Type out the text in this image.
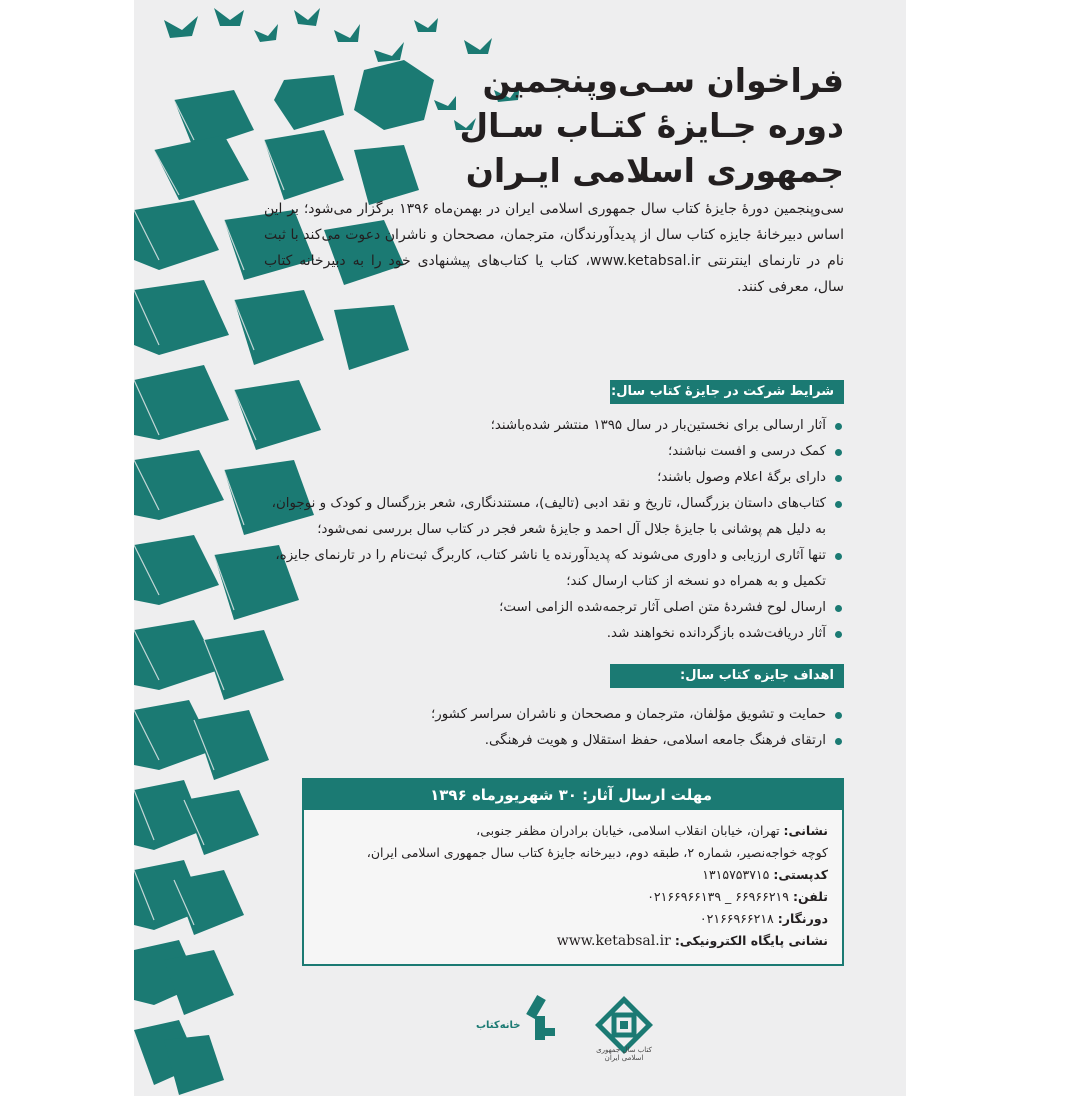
فراخوان سـی‌وپنجمین
دوره جـایزۀ کتـاب سـال
جمهوری اسلامی ایـران
سی‌وپنجمین دورۀ جایزۀ کتاب سال جمهوری اسلامی ایران در بهمن‌ماه ۱۳۹۶ برگزار می‌شود؛ بر این اساس دبیرخانۀ جایزه کتاب سال از پدیدآورندگان، مترجمان، مصححان و ناشران دعوت می‌کند با ثبت نام در تارنمای اینترنتی www.ketabsal.ir، کتاب یا کتاب‌های پیشنهادی خود را به دبیرخانه کتاب سال، معرفی کنند.
شرایط شرکت در جایزۀ کتاب سال:
آثار ارسالی برای نخستین‌بار در سال ۱۳۹۵ منتشر شده‌باشند؛
کمک درسی و افست نباشند؛
دارای برگۀ اعلام وصول باشند؛
کتاب‌های داستان بزرگسال، تاریخ و نقد ادبی (تالیف)، مستندنگاری، شعر بزرگسال و کودک و نوجوان، به دلیل هم پوشانی با جایزۀ جلال آل احمد و جایزۀ شعر فجر در کتاب سال بررسی نمی‌شود؛
تنها آثاری ارزیابی و داوری می‌شوند که پدیدآورنده یا ناشر کتاب، کاربرگ ثبت‌نام را در تارنمای جایزه، تکمیل و به همراه دو نسخه از کتاب ارسال کند؛
ارسال لوح فشردۀ متن اصلی آثار ترجمه‌شده الزامی است؛
آثار دریافت‌شده بازگردانده نخواهند شد.
اهداف جایزه کتاب سال:
حمایت و تشویق مؤلفان، مترجمان و مصححان و ناشران سراسر کشور؛
ارتقای فرهنگ جامعه اسلامی، حفظ استقلال و هویت فرهنگی.
مهلت ارسال آثار: ۳۰ شهریورماه ۱۳۹۶
نشانی: تهران، خیابان انقلاب اسلامی، خیابان برادران مظفر جنوبی،
کوچه خواجه‌نصیر، شماره ۲، طبقه دوم، دبیرخانه جایزۀ کتاب سال جمهوری اسلامی ایران،
کدپستی: ۱۳۱۵۷۵۳۷۱۵
تلفن: ۶۶۹۶۶۲۱۹ _ ۰۲۱۶۶۹۶۶۱۳۹
دورنگار: ۰۲۱۶۶۹۶۶۲۱۸
نشانی پایگاه الکترونیکی: www.ketabsal.ir
کتاب سال جمهوری اسلامی ایران
خانه‌کتاب
